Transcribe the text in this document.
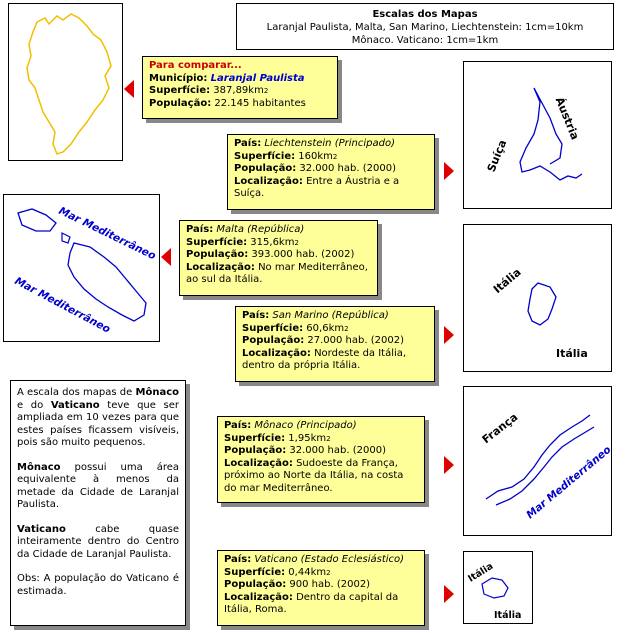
Escalas dos Mapas
Laranjal Paulista, Malta, San Marino, Liechtenstein: 1cm=10km
Mônaco. Vaticano: 1cm=1km
Para comparar...
Município: Laranjal Paulista
Superfície: $387,89km^2$
População: 22.145 habitantes
País: Liechtenstein (Principado)
Superfície: $160km^2$
População: 32.000 hab. (2000)
Localização: Entre a Áustria e a Suíça.
Suíça
Áustria
Mar Mediterrâneo
Mar Mediterrâneo
País: Malta (República)
Superfície: $315,6km^2$
População: 393.000 hab. (2002)
Localização: No mar Mediterrâneo, ao sul da Itália.	Itália
Itália
País: San Marino (República)
Superfície: $60,6km^2$
População: 27.000 hab. (2002)
Localização: Nordeste da Itália, dentro da própria Itália.

A escala dos mapas de Mônaco e do Vaticano teve que ser ampliada em 10 vezes para que estes países ficassem visíveis, pois são muito pequenos.

Mônaco possui uma área equivalente à menos da metade da Cidade de Laranjal Paulista.

Vaticano cabe quase inteiramente dentro do Centro da Cidade de Laranjal Paulista.

Obs: A população do Vaticano é estimada.

País: Mônaco (Principado)
Superfície: $1,95km^2$
População: 32.000 hab. (2000)
Localização: Sudoeste da França, próximo ao Norte da Itália, na costa do mar Mediterrâneo.
França
Mar Mediterrâneo
País: Vaticano (Estado Eclesiástico)
Superfície: $0,44km^2$
População: 900 hab. (2002)
Localização: Dentro da capital da Itália, Roma.
Itália
Itália
